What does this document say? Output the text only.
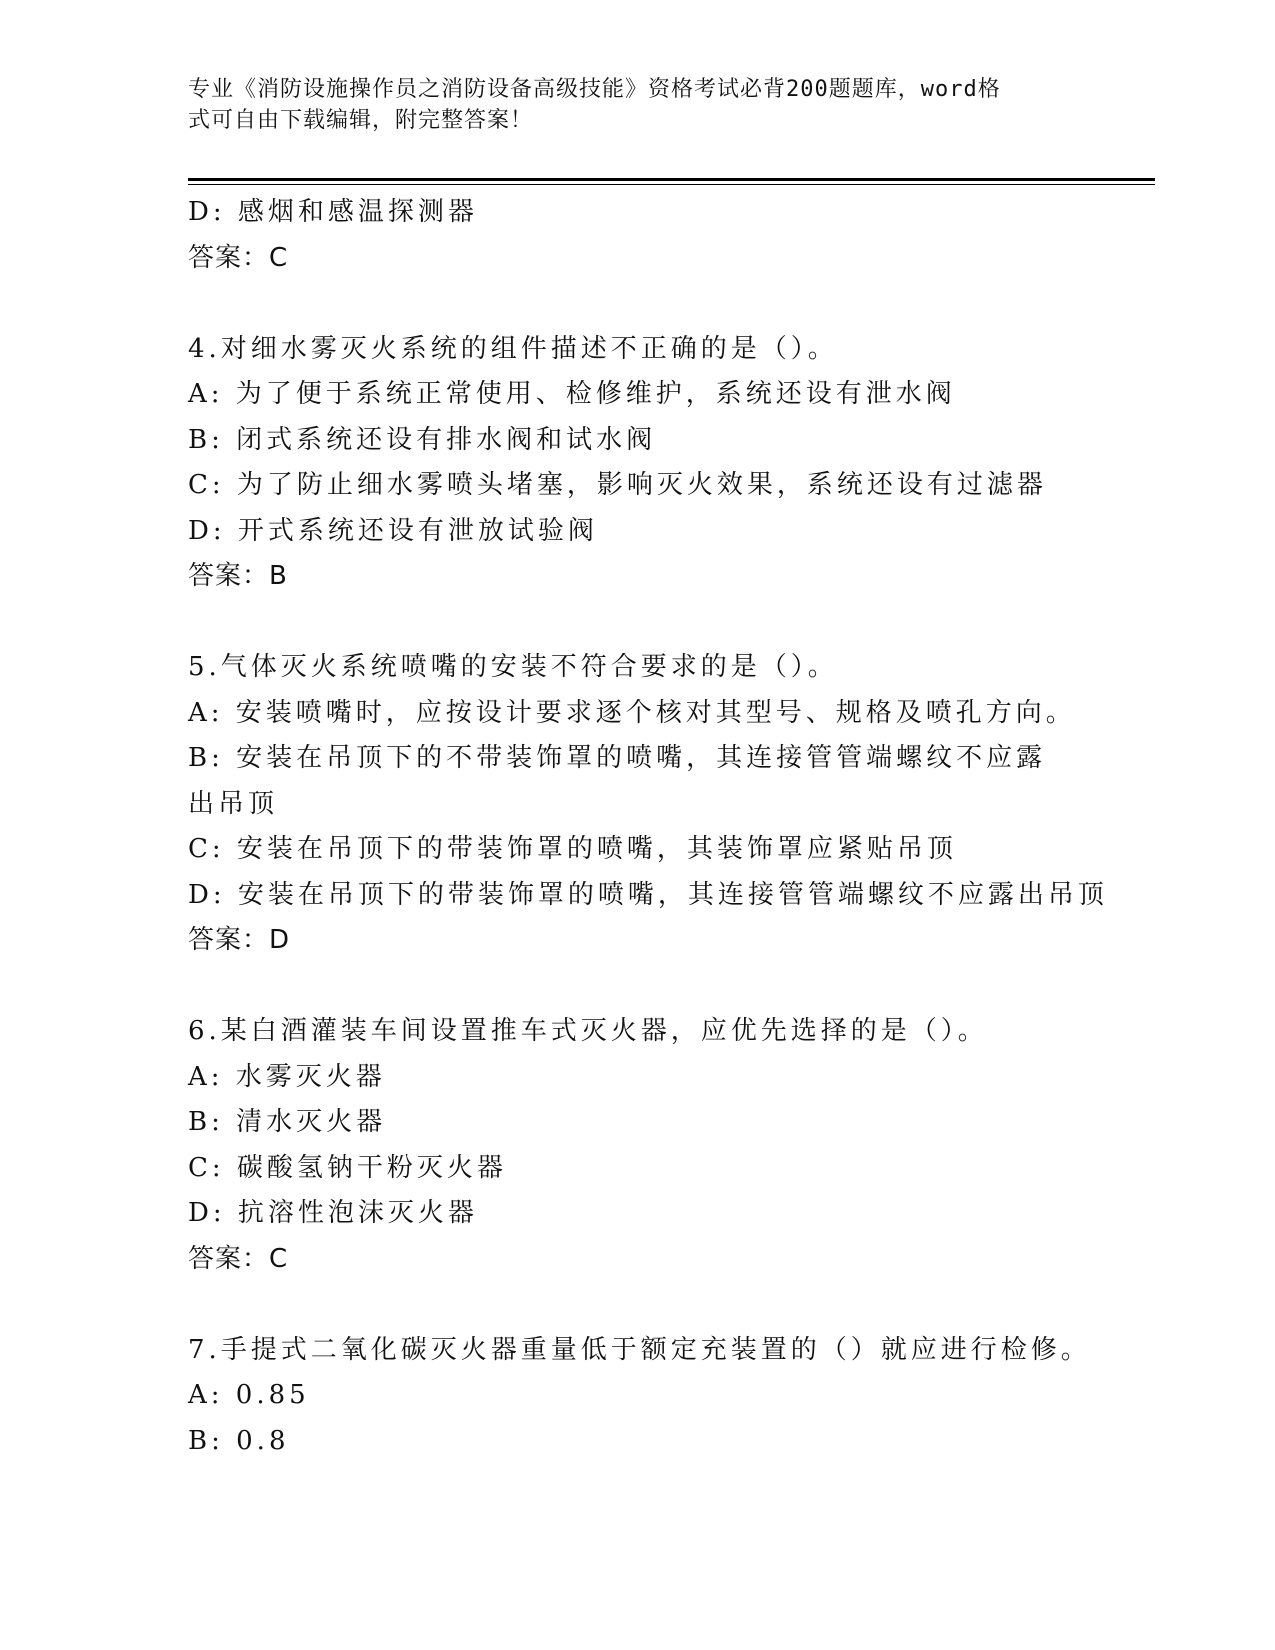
专业《消防设施操作员之消防设备高级技能》资格考试必背200题题库，word格
式可自由下载编辑，附完整答案！
D: 感烟和感温探测器
答案：C
4.对细水雾灭火系统的组件描述不正确的是（）。
A: 为了便于系统正常使用、检修维护，系统还设有泄水阀
B: 闭式系统还设有排水阀和试水阀
C: 为了防止细水雾喷头堵塞，影响灭火效果，系统还设有过滤器
D: 开式系统还设有泄放试验阀
答案：B
5.气体灭火系统喷嘴的安装不符合要求的是（）。
A: 安装喷嘴时，应按设计要求逐个核对其型号、规格及喷孔方向。
B: 安装在吊顶下的不带装饰罩的喷嘴，其连接管管端螺纹不应露出吊顶
C: 安装在吊顶下的带装饰罩的喷嘴，其装饰罩应紧贴吊顶
D: 安装在吊顶下的带装饰罩的喷嘴，其连接管管端螺纹不应露出吊顶
答案：D
6.某白酒灌装车间设置推车式灭火器，应优先选择的是（）。
A: 水雾灭火器
B: 清水灭火器
C: 碳酸氢钠干粉灭火器
D: 抗溶性泡沫灭火器
答案：C
7.手提式二氧化碳灭火器重量低于额定充装置的（）就应进行检修。
A: 0.85
B: 0.8
